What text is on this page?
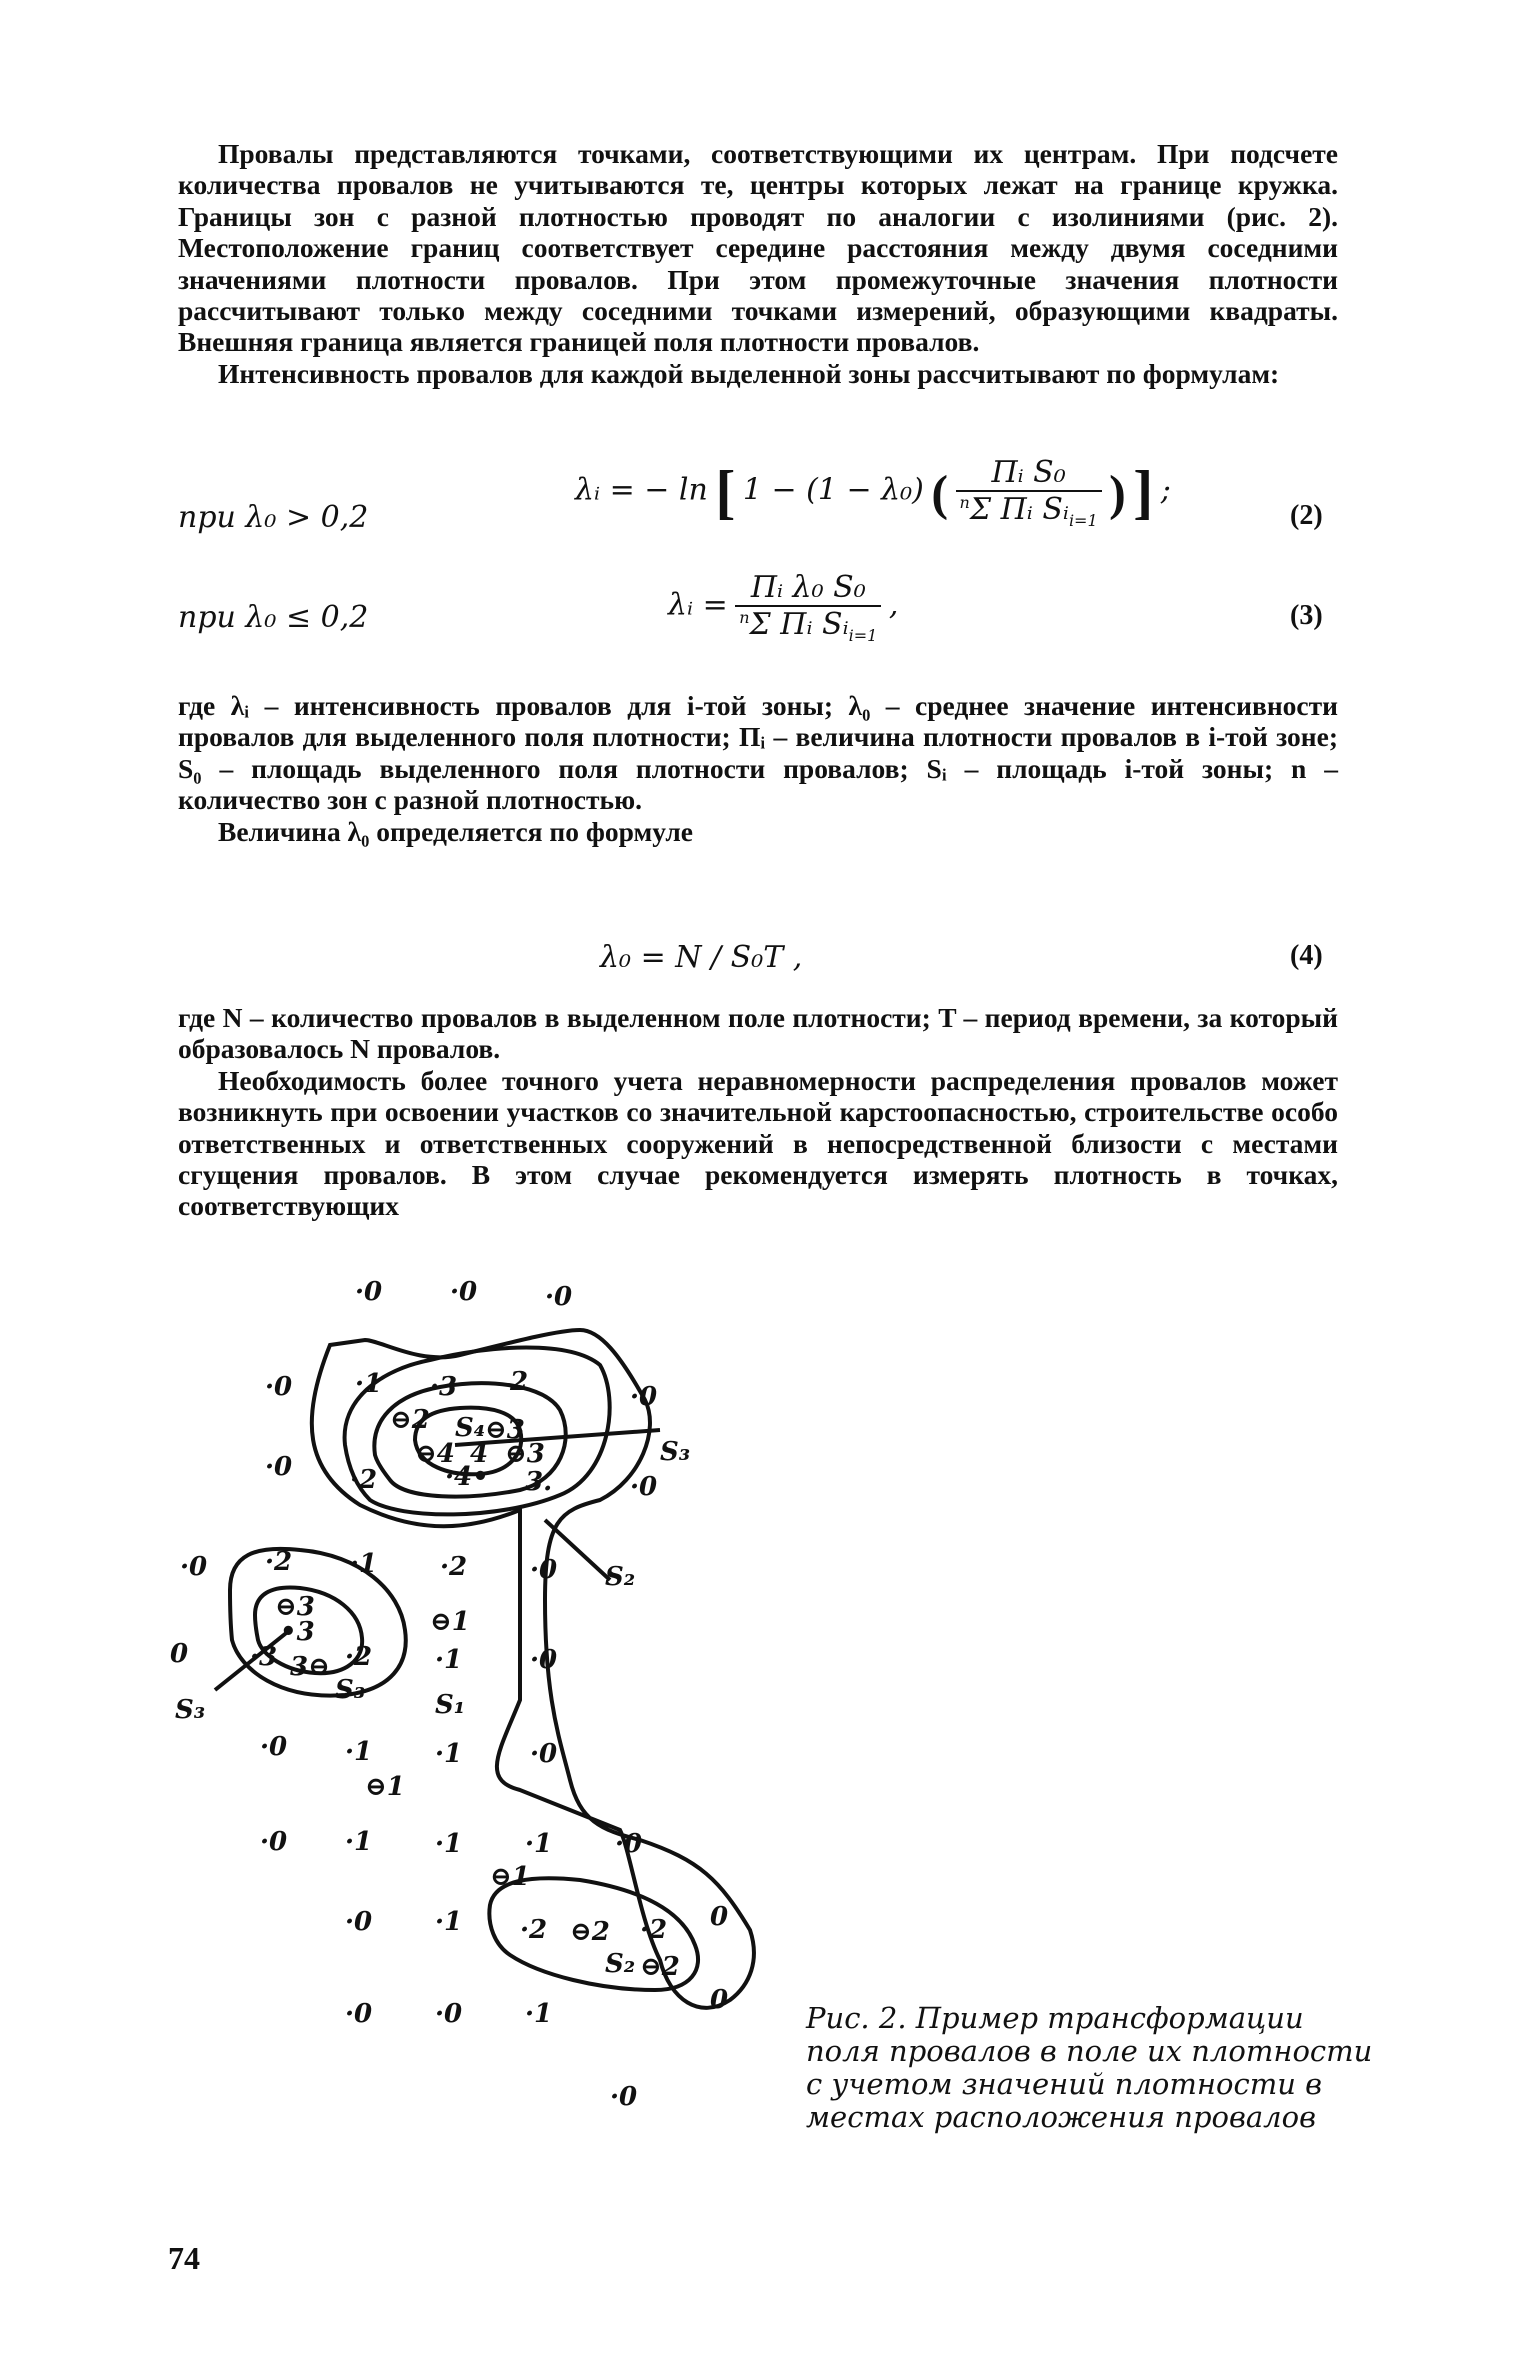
Провалы представляются точками, соответствующими их центрам. При подсчете количества провалов не учитываются те, центры которых лежат на границе кружка. Границы зон с разной плотностью проводят по аналогии с изолиниями (рис. 2). Местоположение границ соответствует середине расстояния между двумя соседними значениями плотности провалов. При этом промежуточные значения плотности рассчитывают только между соседними точками измерений, образующими квадраты. Внешняя граница является границей поля плотности провалов.

Интенсивность провалов для каждой выделенной зоны рассчитывают по формулам:

при λ₀ > 0,2
λᵢ = − ln [ 1 − (1 − λ₀) ( $\frac{\text{Пᵢ S₀}}{^n\Sigma Пᵢ Sᵢ_{i=1}}$ ) ] ;
(2)
при λ₀ ≤ 0,2	λᵢ = $\frac{\text{Пᵢ λ₀ S₀}}{^n\Sigma Пᵢ Sᵢ_{i=1}}$ ,	(3)

где λᵢ – интенсивность провалов для i-той зоны; λ₀ – среднее значение интенсивности провалов для выделенного поля плотности; Пᵢ – величина плотности провалов в i-той зоне; S₀ – площадь выделенного поля плотности провалов; Sᵢ – площадь i-той зоны; n – количество зон с разной плотностью.

Величина λ₀ определяется по формуле

λ₀ = N / S₀T ,	(4)

где N – количество провалов в выделенном поле плотности; T – период времени, за который образовалось N провалов.

Необходимость более точного учета неравномерности распределения провалов может возникнуть при освоении участков со значительной карстоопасностью, строительстве особо ответственных и ответственных сооружений в непосредственной близости с местами сгущения провалов. В этом случае рекомендуется измерять плотность в точках, соответствующих

·0	·0	·0
·0 ·1 ·3 2	·0
⊖2 S₄ ⊖3
⊖4 4 ⊖3	S₃
·0 ·2	·4• 3.	·0
·0 ·2 ·1 ·2 ·0 S₂
⊖3
•3	⊖1
0 ·3 3⊖ ·2 ·1	·0
S₃
S₃	S₁
·0 ·1 ·1	·0
⊖1
·0 ·1 ·1 ·1 ·0
⊖1
·0 ·1 ·2 ⊖2 ·2 0
S₂ ⊖2
·0 ·0 ·1	0
·0
Рис. 2. Пример трансформации поля провалов в поле их плотности с учетом значений плотности в местах расположения провалов
74
